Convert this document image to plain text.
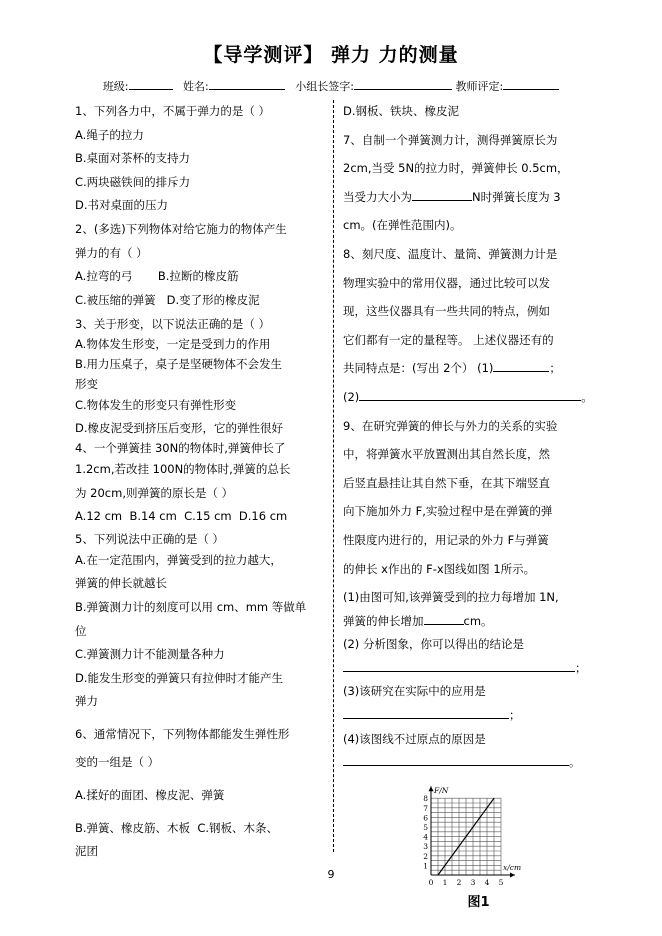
【导学测评】 弹力 力的测量
班级:	姓名:	小组长签字:	教师评定:

1、下列各力中，不属于弹力的是（ ）

A.绳子的拉力

B.桌面对茶杯的支持力

C.两块磁铁间的排斥力

D.书对桌面的压力

2、(多选)下列物体对给它施力的物体产生

弹力的有（ ）

A.拉弯的弓       B.拉断的橡皮筋

C.被压缩的弹簧   D.变了形的橡皮泥

3、关于形变，以下说法正确的是（ ）

A.物体发生形变，一定是受到力的作用

B.用力压桌子，桌子是坚硬物体不会发生

形变

C.物体发生的形变只有弹性形变

D.橡皮泥受到挤压后变形，它的弹性很好

4、一个弹簧挂 30N的物体时,弹簧伸长了

1.2cm,若改挂 100N的物体时,弹簧的总长

为 20cm,则弹簧的原长是（ ）

A.12 cm  B.14 cm  C.15 cm  D.16 cm

5、下列说法中正确的是（ ）

A.在一定范围内，弹簧受到的拉力越大，

弹簧的伸长就越长

B.弹簧测力计的刻度可以用 cm、mm 等做单

位

C.弹簧测力计不能测量各种力

D.能发生形变的弹簧只有拉伸时才能产生

弹力

6、通常情况下，下列物体都能发生弹性形

变的一组是（ ）

A.揉好的面团、橡皮泥、弹簧

B.弹簧、橡皮筋、木板  C.钢板、木条、

泥团

D.钢板、铁块、橡皮泥

7、自制一个弹簧测力计，测得弹簧原长为

2cm,当受 5N的拉力时，弹簧伸长 0.5cm，

当受力大小为	N时弹簧长度为 3

cm。(在弹性范围内)。

8、刻尺度、温度计、量筒、弹簧测力计是

物理实验中的常用仪器，通过比较可以发

现，这些仪器具有一些共同的特点，例如

它们都有一定的量程等。 上述仪器还有的

共同特点是：(写出 2个） (1)	；

(2)	。

9、在研究弹簧的伸长与外力的关系的实验

中，将弹簧水平放置测出其自然长度，然

后竖直悬挂让其自然下垂，在其下端竖直

向下施加外力 F,实验过程中是在弹簧的弹

性限度内进行的，用记录的外力 F与弹簧

的伸长 x作出的 F-x图线如图 1所示。

(1)由图可知,该弹簧受到的拉力每增加 1N,

弹簧的伸长增加	cm。

(2) 分析图象，你可以得出的结论是

；

(3)该研究在实际中的应用是

；

(4)该图线不过原点的原因是

。

1
2
3
4
5
6
7
8
0 1 2 3 4 5
F/N
x/cm
图1
9
